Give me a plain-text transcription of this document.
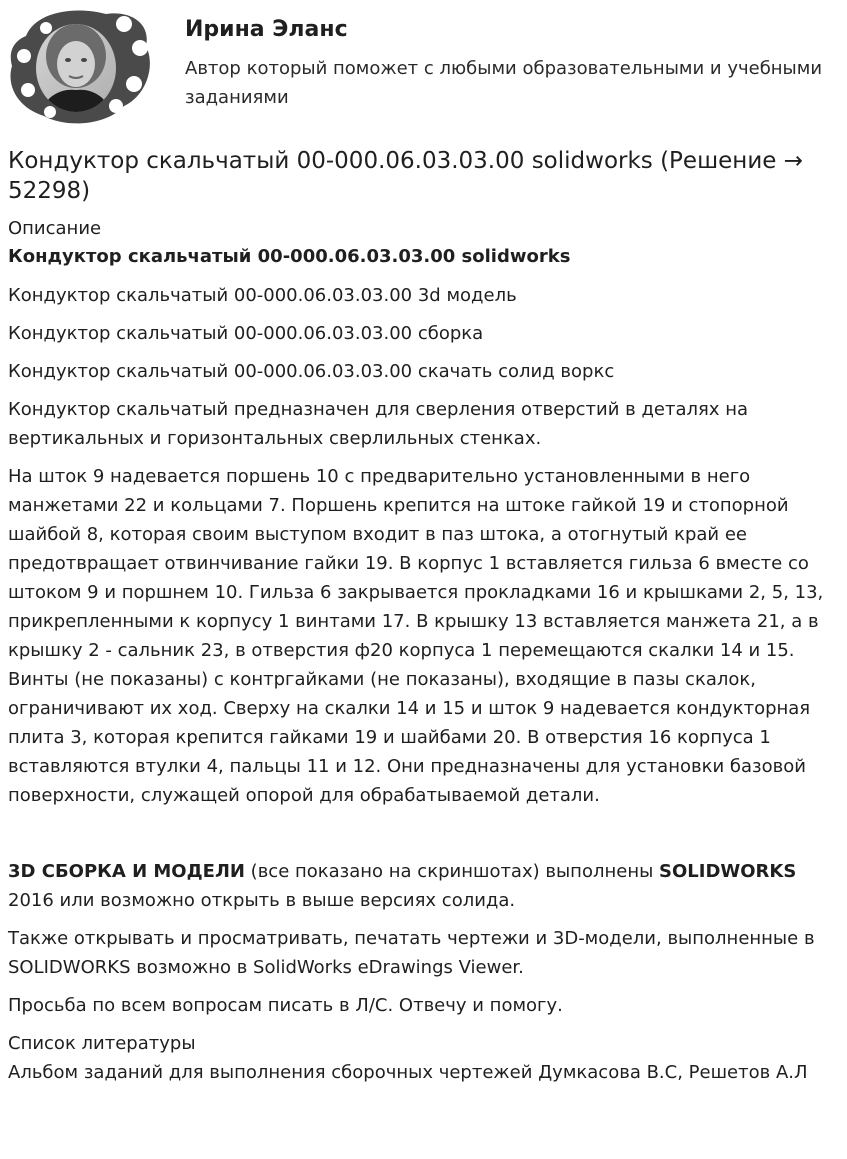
Ирина Эланс

Автор который поможет с любыми образовательными и учебными заданиями

Кондуктор скальчатый 00-000.06.03.03.00 solidworks (Решение → 52298)

Описание

Кондуктор скальчатый 00-000.06.03.03.00 solidworks

Кондуктор скальчатый 00-000.06.03.03.00 3d модель

Кондуктор скальчатый 00-000.06.03.03.00 сборка

Кондуктор скальчатый 00-000.06.03.03.00 скачать солид воркс

Кондуктор скальчатый предназначен для сверления отверстий в деталях на вертикальных и горизонтальных сверлильных стенках.

На шток 9 надевается поршень 10 с предварительно установленными в него манжетами 22 и кольцами 7. Поршень крепится на штоке гайкой 19 и стопорной шайбой 8, которая своим выступом входит в паз штока, а отогнутый край ее предотвращает отвинчивание гайки 19. В корпус 1 вставляется гильза 6 вместе со штоком 9 и поршнем 10. Гильза 6 закрывается прокладками 16 и крышками 2, 5, 13, прикрепленными к корпусу 1 винтами 17. В крышку 13 вставляется манжета 21, а в крышку 2 - сальник 23, в отверстия ф20 корпуса 1 перемещаются скалки 14 и 15. Винты (не показаны) с контргайками (не показаны), входящие в пазы скалок, ограничивают их ход. Сверху на скалки 14 и 15 и шток 9 надевается кондукторная плита 3, которая крепится гайками 19 и шайбами 20. В отверстия 16 корпуса 1 вставляются втулки 4, пальцы 11 и 12. Они предназначены для установки базовой поверхности, служащей опорой для обрабатываемой детали.

3D СБОРКА И МОДЕЛИ (все показано на скриншотах) выполнены SOLIDWORKS 2016 или возможно открыть в выше версиях солида.

Также открывать и просматривать, печатать чертежи и 3D-модели, выполненные в SOLIDWORKS возможно в SolidWorks eDrawings Viewer.

Просьба по всем вопросам писать в Л/С. Отвечу и помогу.

Список литературы

Альбом заданий для выполнения сборочных чертежей Думкасова В.С, Решетов А.Л
